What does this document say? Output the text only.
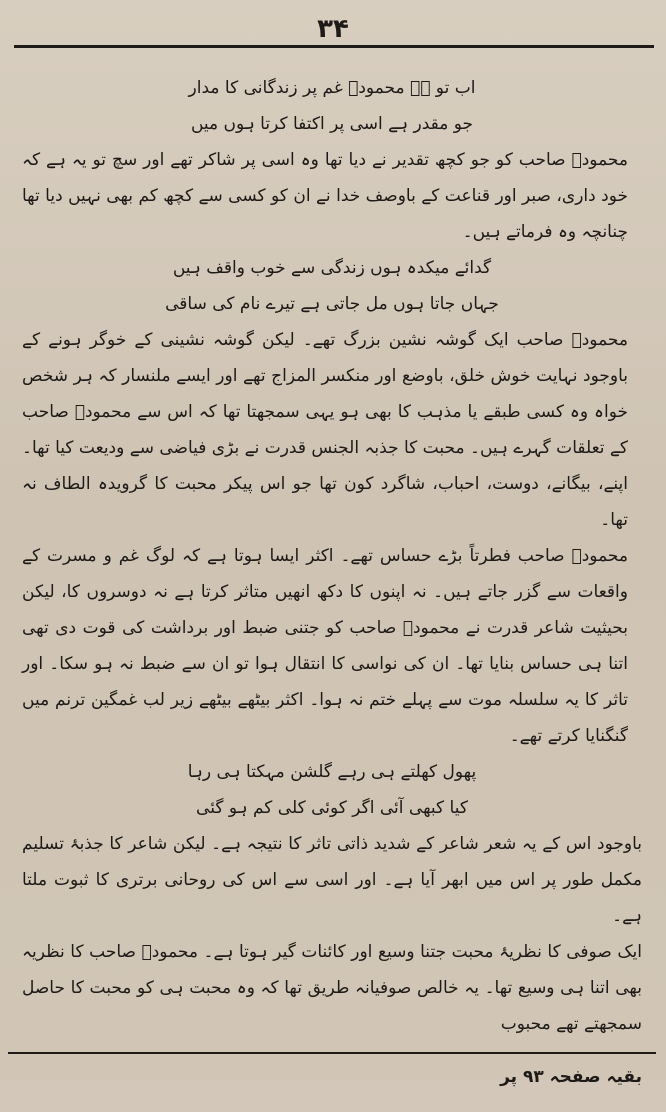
۳۴

اب تو ہے محمودؔ غم پر زندگانی کا مدار

جو مقدر ہے اسی پر اکتفا کرتا ہوں میں

محمودؔ صاحب کو جو کچھ تقدیر نے دیا تھا وہ اسی پر شاکر تھے اور سچ تو یہ ہے کہ خود داری، صبر اور قناعت کے باوصف خدا نے ان کو کسی سے کچھ کم بھی نہیں دیا تھا چنانچہ وہ فرماتے ہیں۔

گدائے میکدہ ہوں زندگی سے خوب واقف ہیں

جہاں جاتا ہوں مل جاتی ہے تیرے نام کی ساقی

محمودؔ صاحب ایک گوشہ نشین بزرگ تھے۔ لیکن گوشہ نشینی کے خوگر ہونے کے باوجود نہایت خوش خلق، باوضع اور منکسر المزاج تھے اور ایسے ملنسار کہ ہر شخص خواہ وہ کسی طبقے یا مذہب کا بھی ہو یہی سمجھتا تھا کہ اس سے محمودؔ صاحب کے تعلقات گہرے ہیں۔ محبت کا جذبہ الجنس قدرت نے بڑی فیاضی سے ودیعت کیا تھا۔ اپنے، بیگانے، دوست، احباب، شاگرد کون تھا جو اس پیکر محبت کا گرویدہ الطاف نہ تھا۔

محمودؔ صاحب فطرتاً بڑے حساس تھے۔ اکثر ایسا ہوتا ہے کہ لوگ غم و مسرت کے واقعات سے گزر جاتے ہیں۔ نہ اپنوں کا دکھ انھیں متاثر کرتا ہے نہ دوسروں کا، لیکن بحیثیت شاعر قدرت نے محمودؔ صاحب کو جتنی ضبط اور برداشت کی قوت دی تھی اتنا ہی حساس بنایا تھا۔ ان کی نواسی کا انتقال ہوا تو ان سے ضبط نہ ہو سکا۔ اور تاثر کا یہ سلسلہ موت سے پہلے ختم نہ ہوا۔ اکثر بیٹھے بیٹھے زیر لب غمگین ترنم میں گنگنایا کرتے تھے۔

پھول کھلتے ہی رہے گلشن مہکتا ہی رہا

کیا کبھی آئی اگر کوئی کلی کم ہو گئی

باوجود اس کے یہ شعر شاعر کے شدید ذاتی تاثر کا نتیجہ ہے۔ لیکن شاعر کا جذبۂ تسلیم مکمل طور پر اس میں ابھر آیا ہے۔ اور اسی سے اس کی روحانی برتری کا ثبوت ملتا ہے۔

ایک صوفی کا نظریۂ محبت جتنا وسیع اور کائنات گیر ہوتا ہے۔ محمودؔ صاحب کا نظریہ بھی اتنا ہی وسیع تھا۔ یہ خالص صوفیانہ طریق تھا کہ وہ محبت ہی کو محبت کا حاصل سمجھتے تھے محبوب

بقیہ صفحہ ۹۳ پر
